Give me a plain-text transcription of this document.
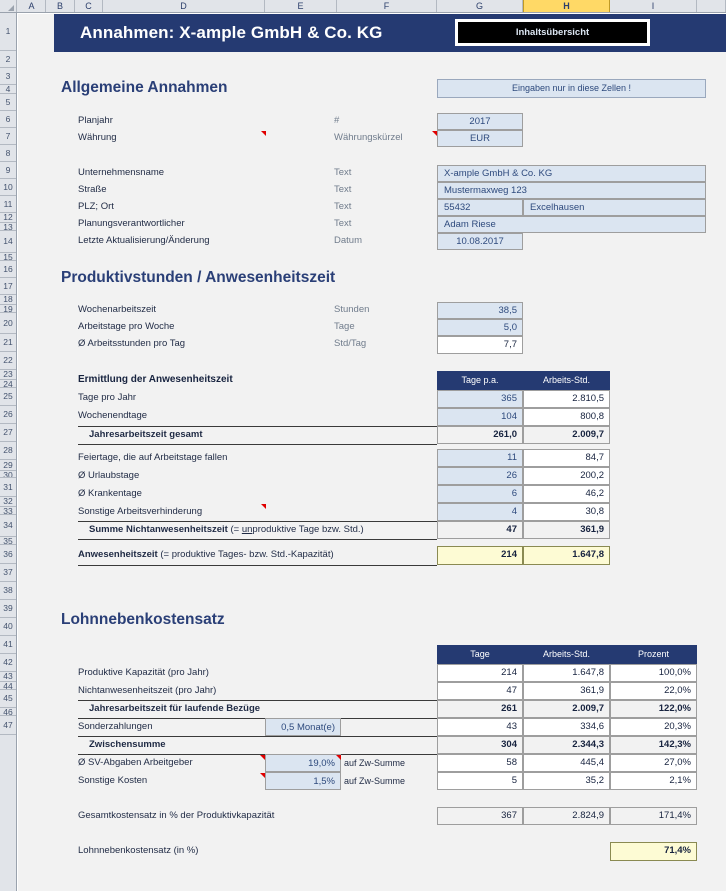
A	B	C	D	E	F	G	H	I
1
2
3
4
5
6
7
8
9
10
11
12
13
14
15
16
17
18
19
20
21
22
23
24
25
26
27
28
29
30
31
32
33
34
35
36
37
38
39
40
41
42
43
44
45
46
47
Annahmen: X-ample GmbH & Co. KG	Inhaltsübersicht
Allgemeine Annahmen	Eingaben nur in diese Zellen !
Planjahr	#	2017
Währung	Währungskürzel	EUR
Unternehmensname	Text	X-ample GmbH & Co. KG
Straße	Text	Mustermaxweg 123
PLZ; Ort	Text	55432	Excelhausen
Planungsverantwortlicher	Text	Adam Riese
Letzte Aktualisierung/Änderung	Datum	10.08.2017
Produktivstunden / Anwesenheitszeit
Wochenarbeitszeit	Stunden	38,5
Arbeitstage pro Woche	Tage	5,0
Ø Arbeitsstunden pro Tag	Std/Tag	7,7
Ermittlung der Anwesenheitszeit	Tage p.a.	Arbeits-Std.
Tage pro Jahr	365	2.810,5
Wochenendtage	104	800,8
Jahresarbeitszeit gesamt	261,0	2.009,7
Feiertage, die auf Arbeitstage fallen	11	84,7
Ø Urlaubstage	26	200,2
Ø Krankentage	6	46,2
Sonstige Arbeitsverhinderung	4	30,8
Summe Nichtanwesenheitszeit (= unproduktive Tage bzw. Std.)	47	361,9
Anwesenheitszeit (= produktive Tages- bzw. Std.-Kapazität)	214	1.647,8
Lohnnebenkostensatz
Tage	Arbeits-Std.	Prozent
Produktive Kapazität (pro Jahr)	214	1.647,8	100,0%
Nichtanwesenheitszeit (pro Jahr)	47	361,9	22,0%
Jahresarbeitszeit für laufende Bezüge	261	2.009,7	122,0%
Sonderzahlungen	0,5 Monat(e)	43	334,6	20,3%
Zwischensumme	304	2.344,3	142,3%
Ø SV-Abgaben Arbeitgeber	19,0%	auf Zw-Summe	58	445,4	27,0%
Sonstige Kosten	1,5%	auf Zw-Summe	5	35,2	2,1%
Gesamtkostensatz in % der Produktivkapazität	367	2.824,9	171,4%
Lohnnebenkostensatz (in %)	71,4%
